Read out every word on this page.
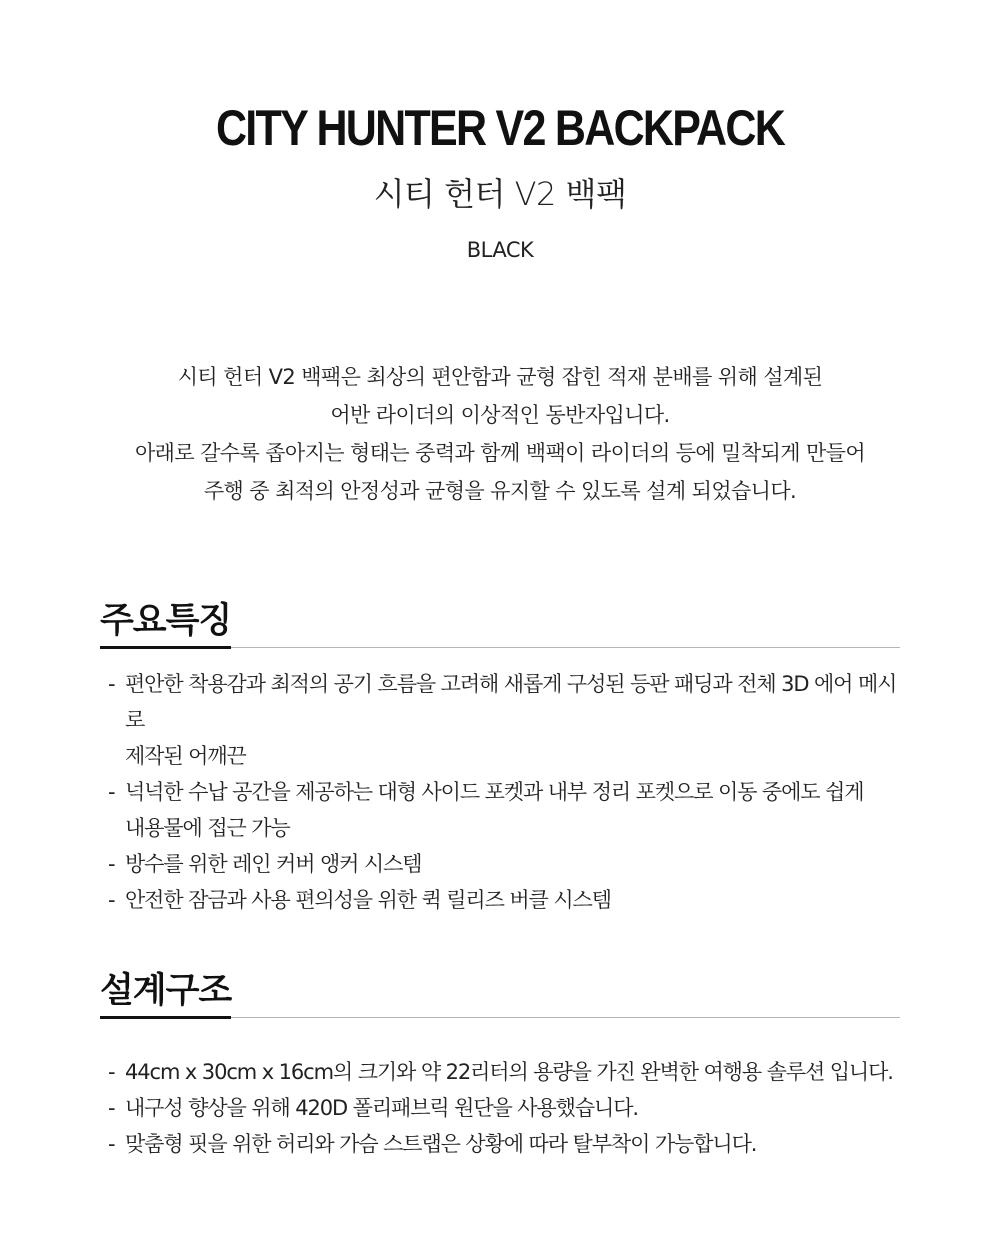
CITY HUNTER V2 BACKPACK
시티 헌터 V2 백팩
BLACK
시티 헌터 V2 백팩은 최상의 편안함과 균형 잡힌 적재 분배를 위해 설계된
어반 라이더의 이상적인 동반자입니다.
아래로 갈수록 좁아지는 형태는 중력과 함께 백팩이 라이더의 등에 밀착되게 만들어
주행 중 최적의 안정성과 균형을 유지할 수 있도록 설계 되었습니다.
주요특징
- 편안한 착용감과 최적의 공기 흐름을 고려해 새롭게 구성된 등판 패딩과 전체 3D 에어 메시로
제작된 어깨끈
- 넉넉한 수납 공간을 제공하는 대형 사이드 포켓과 내부 정리 포켓으로 이동 중에도 쉽게
내용물에 접근 가능
- 방수를 위한 레인 커버 앵커 시스템
- 안전한 잠금과 사용 편의성을 위한 퀵 릴리즈 버클 시스템
설계구조
- 44cm x 30cm x 16cm의 크기와 약 22리터의 용량을 가진 완벽한 여행용 솔루션 입니다.
- 내구성 향상을 위해 420D 폴리패브릭 원단을 사용했습니다.
- 맞춤형 핏을 위한 허리와 가슴 스트랩은 상황에 따라 탈부착이 가능합니다.
